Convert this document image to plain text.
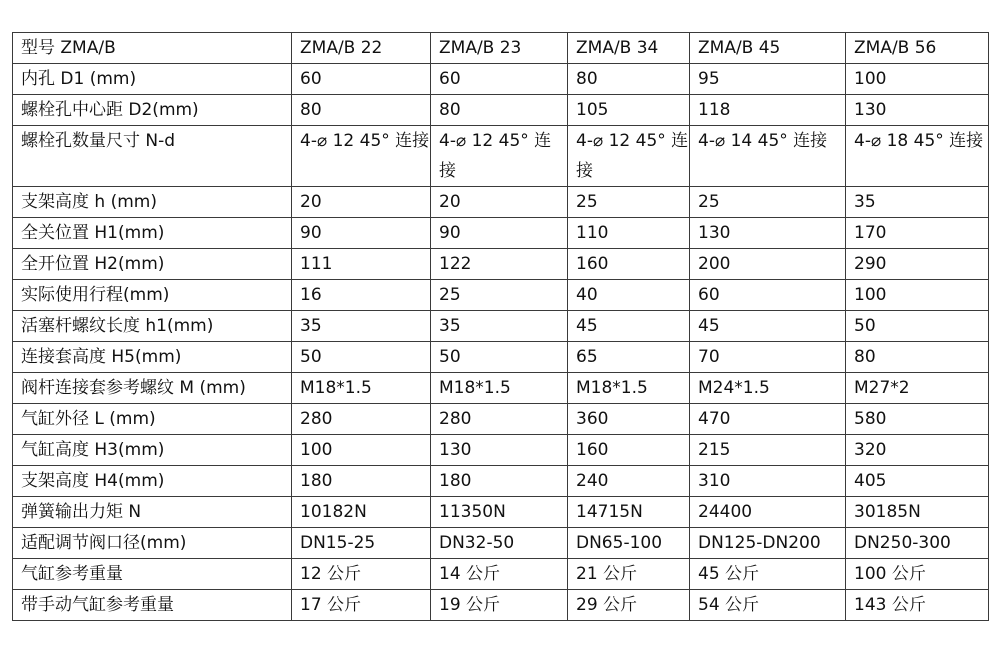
型号 ZMA/B	ZMA/B 22	ZMA/B 23	ZMA/B 34	ZMA/B 45	ZMA/B 56
内孔 D1 (mm)	60	60	80	95	100
螺栓孔中心距 D2(mm)	80	80	105	118	130
螺栓孔数量尺寸 N-d	4-⌀ 12 45° 连接	4-⌀ 12 45° 连接	4-⌀ 12 45° 连接	4-⌀ 14 45° 连接	4-⌀ 18 45° 连接
支架高度 h (mm)	20	20	25	25	35
全关位置 H1(mm)	90	90	110	130	170
全开位置 H2(mm)	111	122	160	200	290
实际使用行程(mm)	16	25	40	60	100
活塞杆螺纹长度 h1(mm)	35	35	45	45	50
连接套高度 H5(mm)	50	50	65	70	80
阀杆连接套参考螺纹 M (mm)	M18*1.5	M18*1.5	M18*1.5	M24*1.5	M27*2
气缸外径 L (mm)	280	280	360	470	580
气缸高度 H3(mm)	100	130	160	215	320
支架高度 H4(mm)	180	180	240	310	405
弹簧输出力矩 N	10182N	11350N	14715N	24400	30185N
适配调节阀口径(mm)	DN15-25	DN32-50	DN65-100	DN125-DN200	DN250-300
气缸参考重量	12 公斤	14 公斤	21 公斤	45 公斤	100 公斤
带手动气缸参考重量	17 公斤	19 公斤	29 公斤	54 公斤	143 公斤
